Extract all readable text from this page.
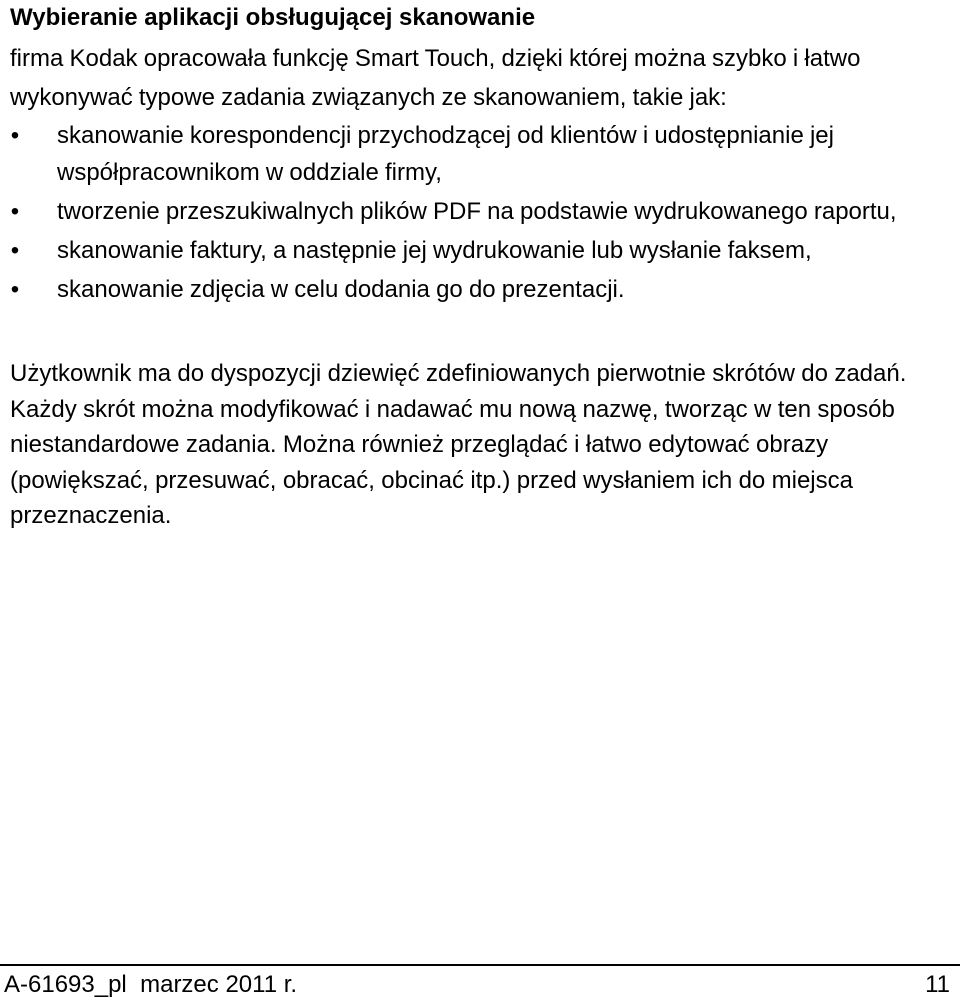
Wybieranie aplikacji obsługującej skanowanie

firma Kodak opracowała funkcję Smart Touch, dzięki której można szybko i łatwo wykonywać typowe zadania związanych ze skanowaniem, takie jak:

• skanowanie korespondencji przychodzącej od klientów i udostępnianie jej współpracownikom w oddziale firmy,
• tworzenie przeszukiwalnych plików PDF na podstawie wydrukowanego raportu,
• skanowanie faktury, a następnie jej wydrukowanie lub wysłanie faksem,
• skanowanie zdjęcia w celu dodania go do prezentacji.

Użytkownik ma do dyspozycji dziewięć zdefiniowanych pierwotnie skrótów do zadań. Każdy skrót można modyfikować i nadawać mu nową nazwę, tworząc w ten sposób niestandardowe zadania. Można również przeglądać i łatwo edytować obrazy (powiększać, przesuwać, obracać, obcinać itp.) przed wysłaniem ich do miejsca przeznaczenia.

A-61693_pl  marzec 2011 r.	11
